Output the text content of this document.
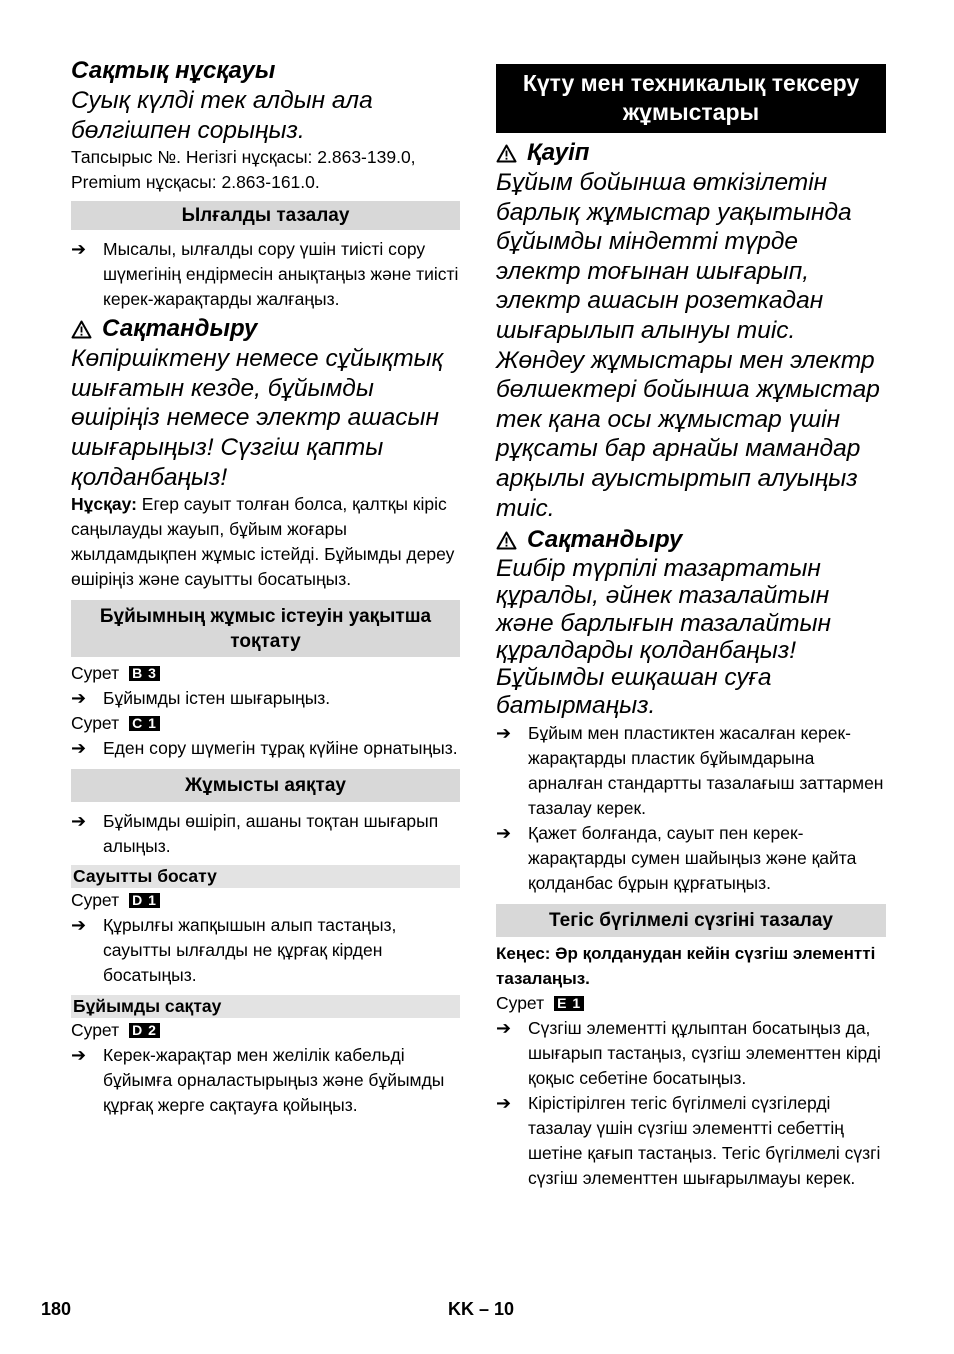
Сақтық нұсқауы
Суық күлді тек алдын ала бөлгішпен сорыңыз.
Тапсырыс №. Негізгі нұсқасы: 2.863-139.0, Premium нұсқасы: 2.863-161.0.
Ылғалды тазалау
➔ Мысалы, ылғалды сору үшін тиісті сору шүмегінің ендірмесін анықтаңыз және тиісті керек-жарақтарды жалғаңыз.
Сақтандыру
Көпіршіктену немесе сұйықтық шығатын кезде, бұйымды өшіріңіз немесе электр ашасын шығарыңыз! Сүзгіш қапты қолданбаңыз!
Нұсқау: Егер сауыт толған болса, қалтқы кіріс саңылауды жауып, бұйым жоғары жылдамдықпен жұмыс істейді. Бұйымды дереу өшіріңіз және сауытты босатыңыз.
Бұйымның жұмыс істеуін уақытша тоқтату
Сурет B 3
➔ Бұйымды істен шығарыңыз.
Сурет C 1
➔ Еден сору шүмегін тұрақ күйіне орнатыңыз.
Жұмысты аяқтау
➔ Бұйымды өшіріп, ашаны тоқтан шығарып алыңыз.
Сауытты босату
Сурет D 1
➔ Құрылғы жапқышын алып тастаңыз, сауытты ылғалды не құрғақ кірден босатыңыз.
Бұйымды сақтау
Сурет D 2
➔ Керек-жарақтар мен желілік кабельді бұйымға орналастырыңыз және бұйымды құрғақ жерге сақтауға қойыңыз.
Күту мен техникалық тексеру жұмыстары
Қауіп
Бұйым бойынша өткізілетін барлық жұмыстар уақытында бұйымды міндетті түрде электр тоғынан шығарып, электр ашасын розеткадан шығарылып алынуы тиіс. Жөндеу жұмыстары мен электр бөлшектері бойынша жұмыстар тек қана осы жұмыстар үшін рұқсаты бар арнайы мамандар арқылы ауыстыртып алуыңыз тиіс.
Сақтандыру
Ешбір түрпілі тазартатын құралды, әйнек тазалайтын және барлығын тазалайтын құралдарды қолданбаңыз! Бұйымды ешқашан суға батырмаңыз.
➔ Бұйым мен пластиктен жасалған керек-жарақтарды пластик бұйымдарына арналған стандартты тазалағыш заттармен тазалау керек.
➔ Қажет болғанда, сауыт пен керек-жарақтарды сумен шайыңыз және қайта қолданбас бұрын құрғатыңыз.
Тегіс бүгілмелі сүзгіні тазалау
Кеңес: Әр қолданудан кейін сүзгіш элементті тазалаңыз.
Сурет E 1
➔ Сүзгіш элементті құлыптан босатыңыз да, шығарып тастаңыз, сүзгіш элементтен кірді қоқыс себетіне босатыңыз.
➔ Кірістірілген тегіс бүгілмелі сүзгілерді тазалау үшін сүзгіш элементті себеттің шетіне қағып тастаңыз. Тегіс бүгілмелі сүзгі сүзгіш элементтен шығарылмауы керек.
180	KK – 10
